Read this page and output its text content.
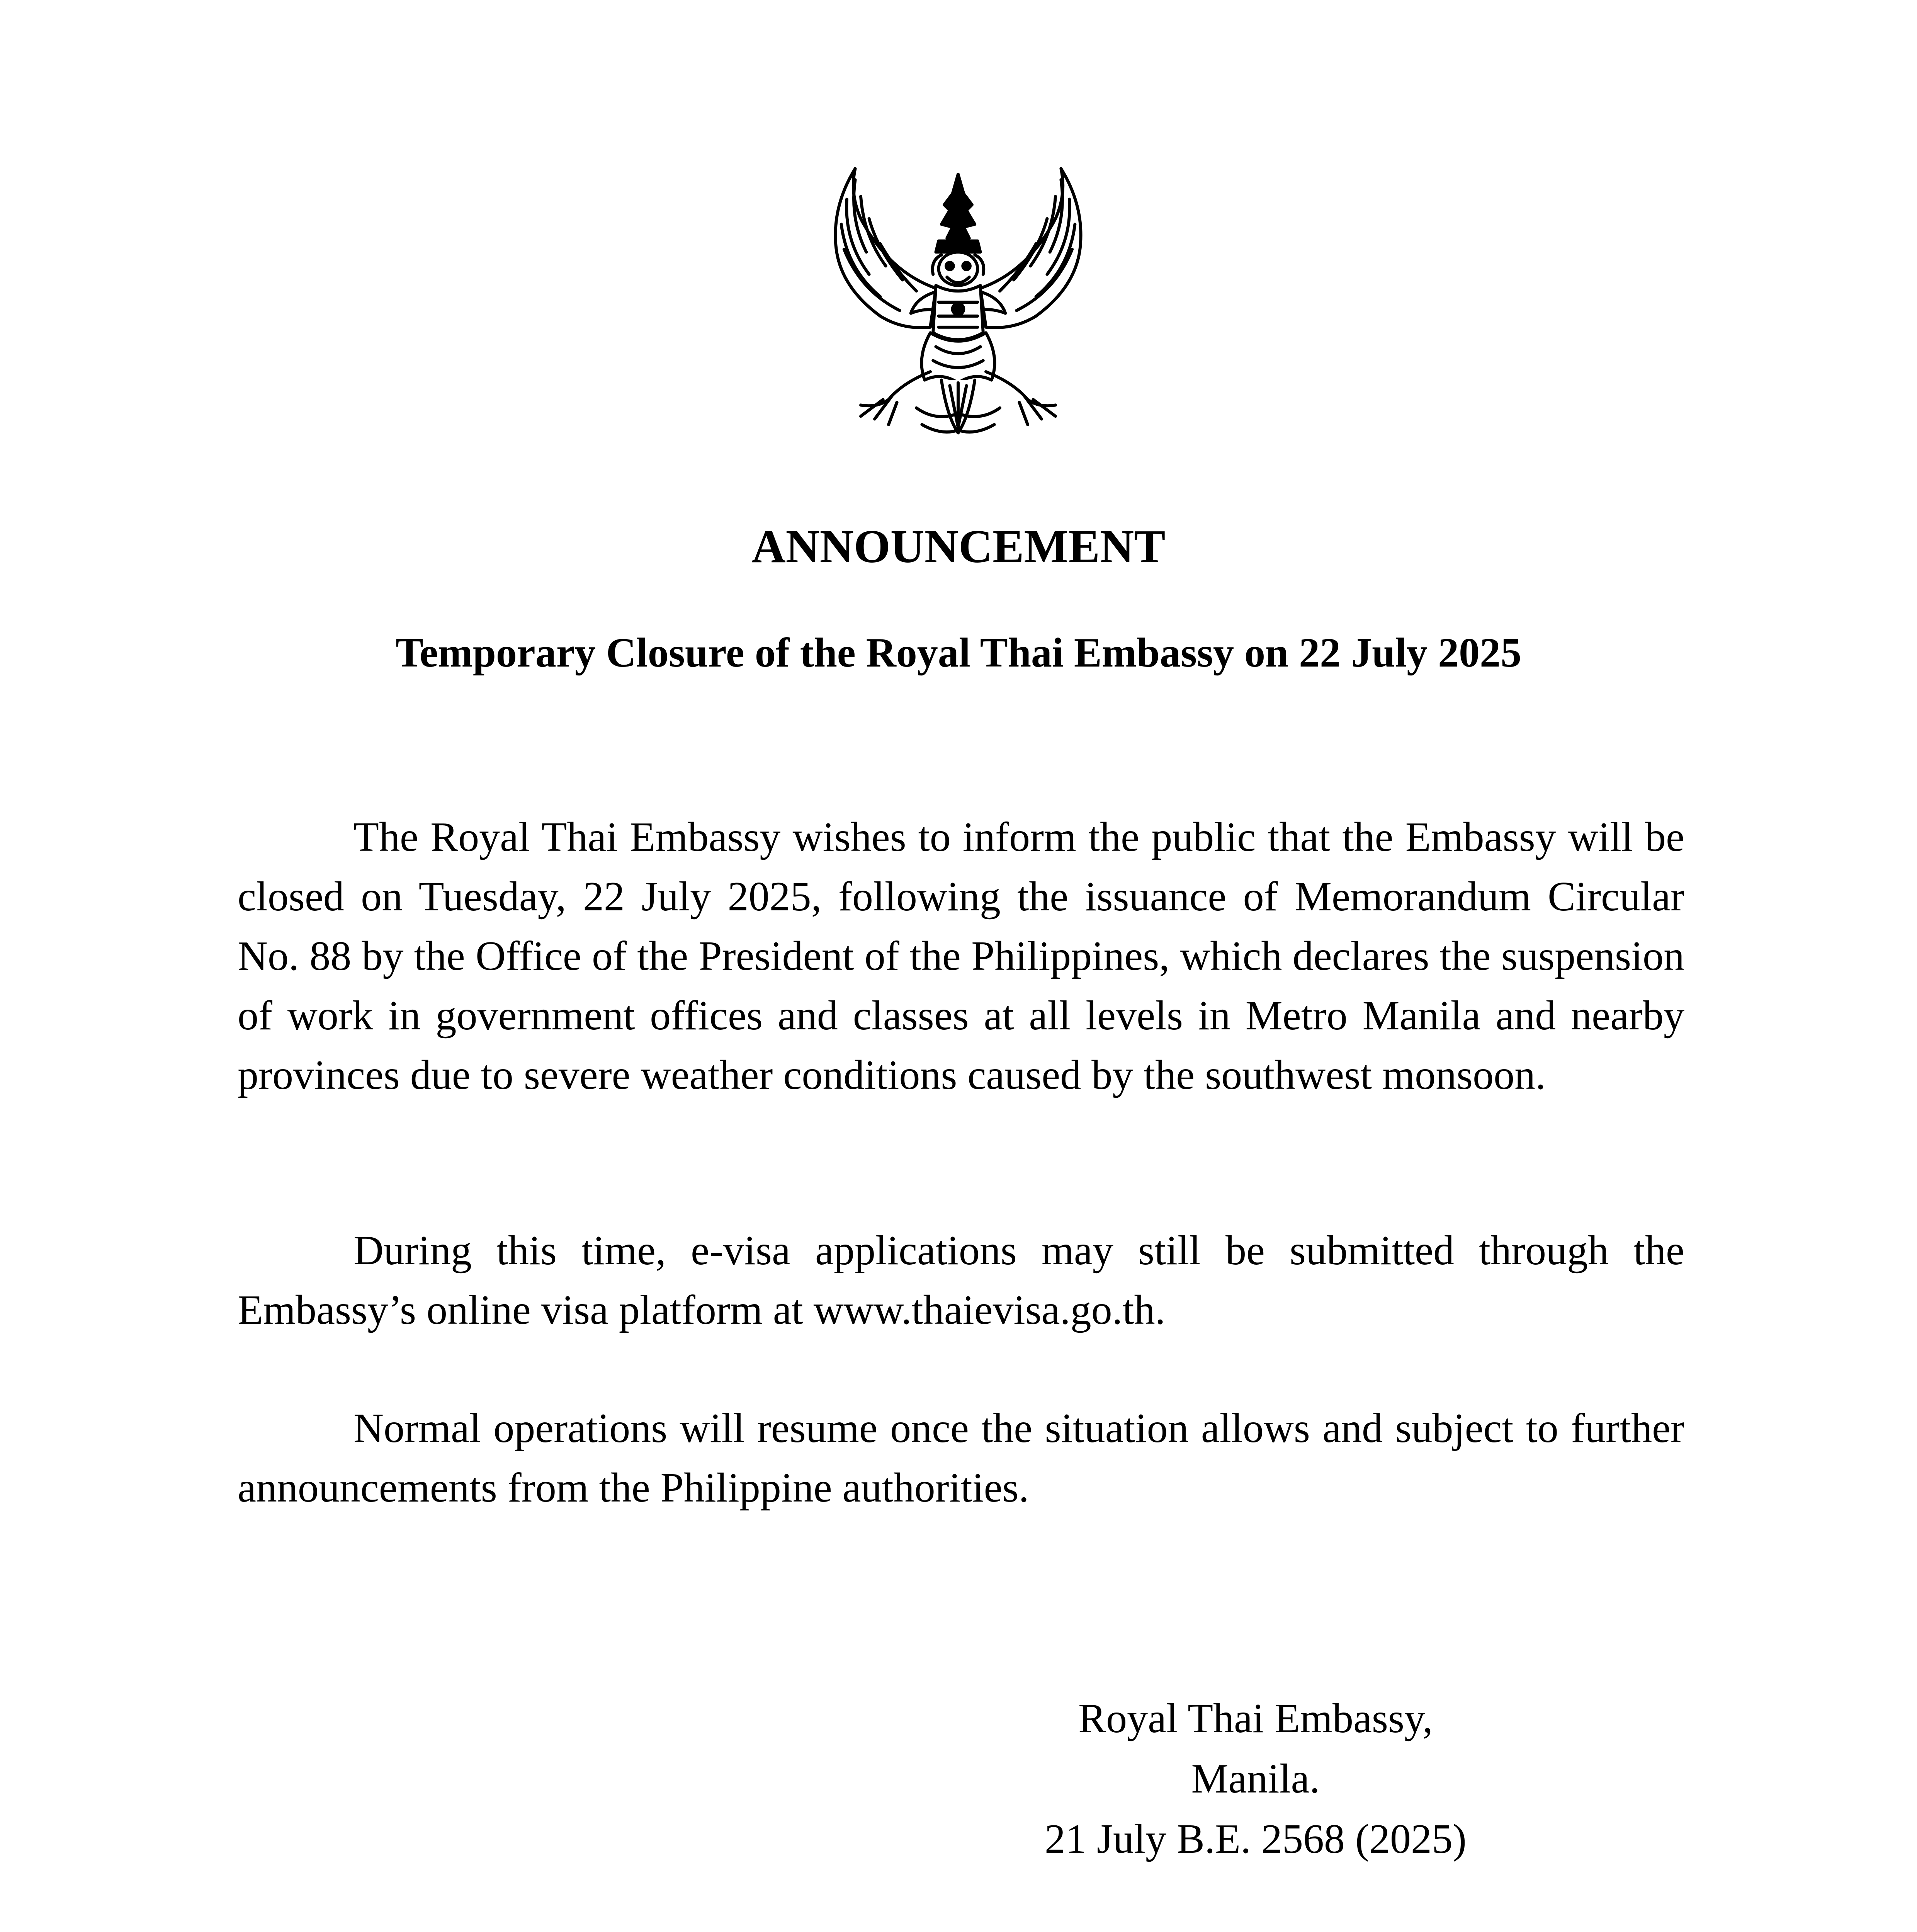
ANNOUNCEMENT
Temporary Closure of the Royal Thai Embassy on 22 July 2025

The Royal Thai Embassy wishes to inform the public that the Embassy will be closed on Tuesday, 22 July 2025, following the issuance of Memorandum Circular No. 88 by the Office of the President of the Philippines, which declares the suspension of work in government offices and classes at all levels in Metro Manila and nearby provinces due to severe weather conditions caused by the southwest monsoon.

During this time, e-visa applications may still be submitted through the Embassy’s online visa platform at www.thaievisa.go.th.

Normal operations will resume once the situation allows and subject to further announcements from the Philippine authorities.

Royal Thai Embassy,
Manila.
21 July B.E. 2568 (2025)
